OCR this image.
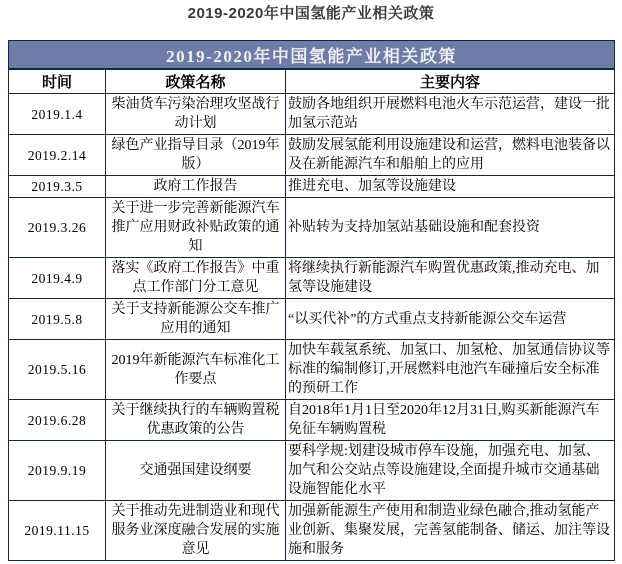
2019-2020年中国氢能产业相关政策
2019-2020年中国氢能产业相关政策		
时间	政策名称	主要内容
2019.1.4	柴油货车污染治理攻坚战行动计划	鼓励各地组织开展燃料电池火车示范运营，建设一批加氢示范站
2019.2.14	绿色产业指导目录（2019年版）	鼓励发展氢能利用设施建设和运营，燃料电池装备以及在新能源汽车和船舶上的应用
2019.3.5	政府工作报告	推进充电、加氢等设施建设
2019.3.26	关于进一步完善新能源汽车推广应用财政补贴政策的通知	补贴转为支持加氢站基础设施和配套投资
2019.4.9	落实《政府工作报告》中重点工作部门分工意见	将继续执行新能源汽车购置优惠政策,推动充电、加氢等设施建设
2019.5.8	关于支持新能源公交车推广应用的通知	“以买代补”的方式重点支持新能源公交车运营
2019.5.16	2019年新能源汽车标准化工作要点	加快车载氢系统、加氢口、加氢枪、加氢通信协议等标准的编制修订,开展燃料电池汽车碰撞后安全标准的预研工作
2019.6.28	关于继续执行的车辆购置税优惠政策的公告	自2018年1月1日至2020年12月31日,购买新能源汽车免征车辆购置税
2019.9.19	交通强国建设纲要	要科学规:划建设城市停车设施，加强充电、加氢、加气和公交站点等设施建设,全面提升城市交通基础设施智能化水平
2019.11.15	关于推动先进制造业和现代服务业深度融合发展的实施意见	加强新能源生产使用和制造业绿色融合,推动氢能产业创新、集聚发展，完善氢能制备、储运、加注等设施和服务
